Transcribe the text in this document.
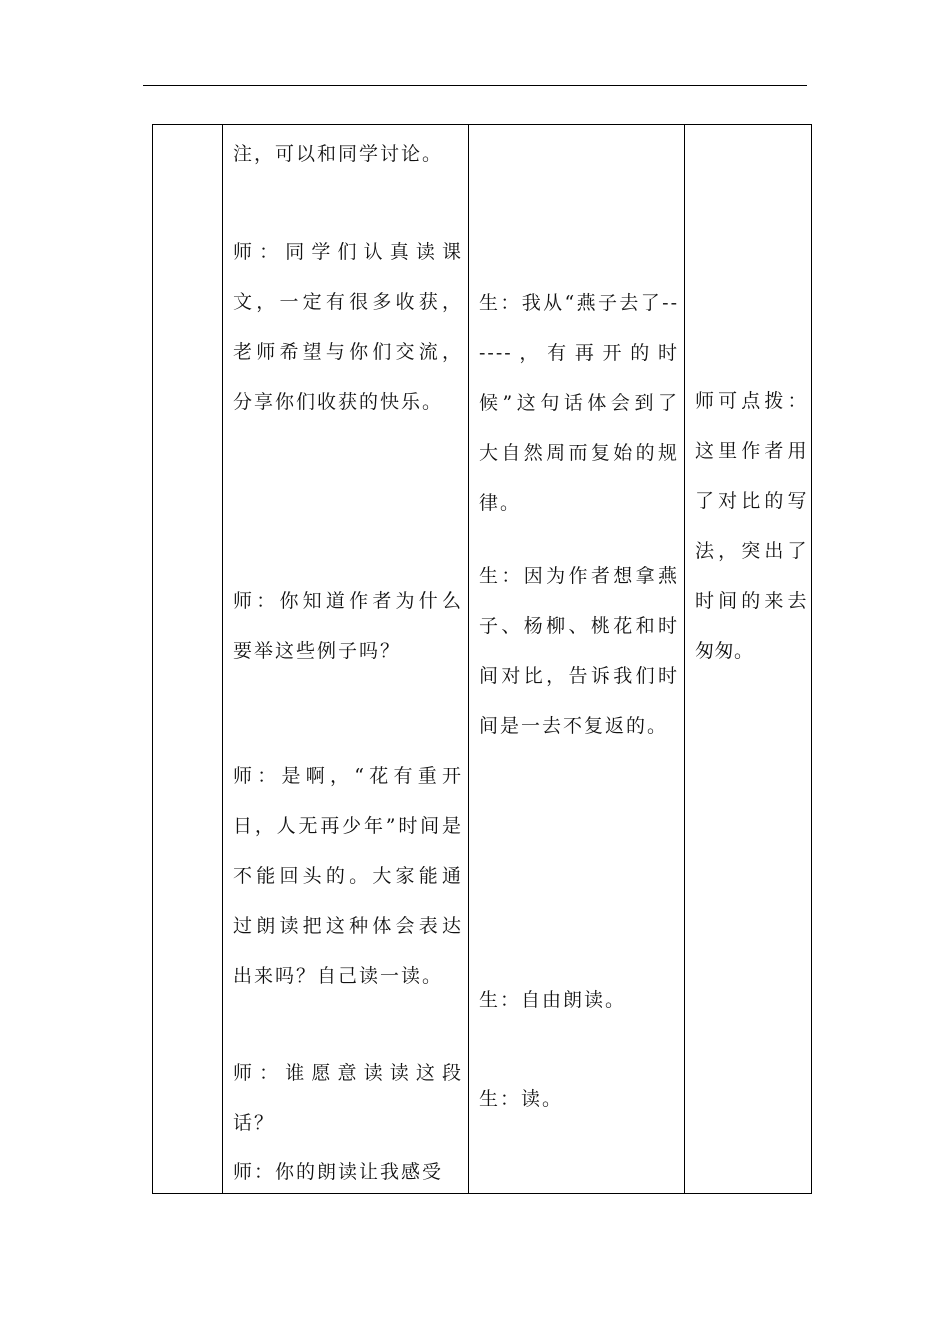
注，可以和同学讨论。
师：同学们认真读课文，一定有很多收获，老师希望与你们交流，分享你们收获的快乐。
师：你知道作者为什么要举这些例子吗？
师：是啊，“花有重开日，人无再少年”时间是不能回头的。大家能通过朗读把这种体会表达出来吗？自己读一读。
师：谁愿意读读这段话？
师：你的朗读让我感受
生：我从“燕子去了------，有再开的时候”这句话体会到了大自然周而复始的规律。
生：因为作者想拿燕子、杨柳、桃花和时间对比，告诉我们时间是一去不复返的。
生：自由朗读。
生：读。
师可点拨：这里作者用了对比的写法，突出了时间的来去匆匆。
